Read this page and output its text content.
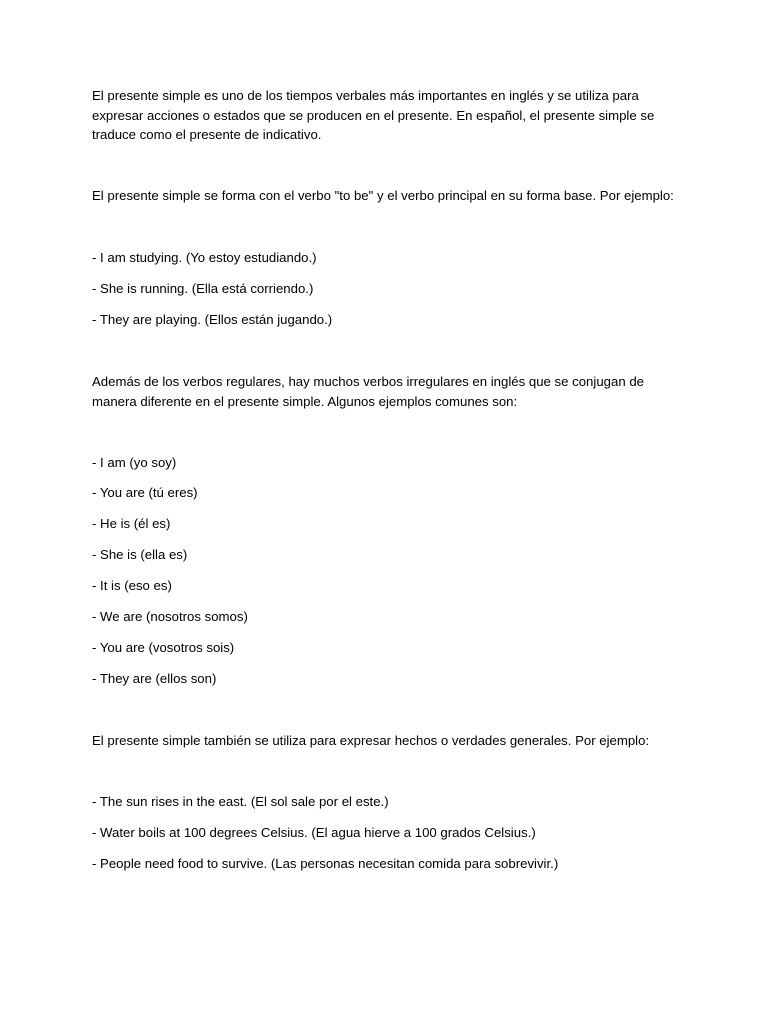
El presente simple es uno de los tiempos verbales más importantes en inglés y se utiliza para expresar acciones o estados que se producen en el presente. En español, el presente simple se traduce como el presente de indicativo.

El presente simple se forma con el verbo "to be" y el verbo principal en su forma base. Por ejemplo:

- I am studying. (Yo estoy estudiando.)

- She is running. (Ella está corriendo.)

- They are playing. (Ellos están jugando.)

Además de los verbos regulares, hay muchos verbos irregulares en inglés que se conjugan de manera diferente en el presente simple. Algunos ejemplos comunes son:

- I am (yo soy)

- You are (tú eres)

- He is (él es)

- She is (ella es)

- It is (eso es)

- We are (nosotros somos)

- You are (vosotros sois)

- They are (ellos son)

El presente simple también se utiliza para expresar hechos o verdades generales. Por ejemplo:

- The sun rises in the east. (El sol sale por el este.)

- Water boils at 100 degrees Celsius. (El agua hierve a 100 grados Celsius.)

- People need food to survive. (Las personas necesitan comida para sobrevivir.)
